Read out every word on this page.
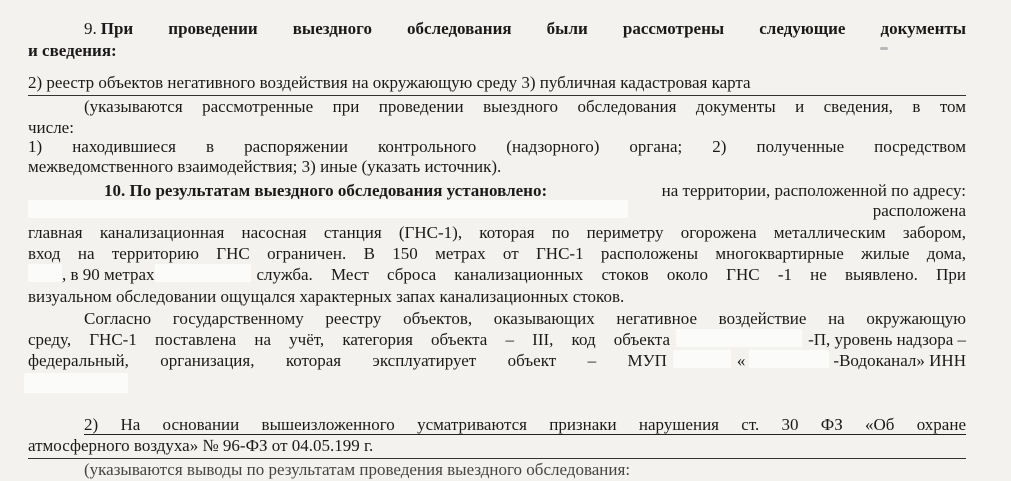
9. При проведении выездного обследования были рассмотрены следующие документы
и сведения:
2) реестр объектов негативного воздействия на окружающую среду 3) публичная кадастровая карта
(указываются рассмотренные при проведении выездного обследования документы и сведения, в том
числе:
1) находившиеся в распоряжении контрольного (надзорного) органа; 2) полученные посредством
межведомственного взаимодействия; 3) иные (указать источник).
10. По результатам выездного обследования установлено:	на территории, расположенной по адресу:
расположена
главная канализационная насосная станция (ГНС-1), которая по периметру огорожена металлическим забором,
вход на территорию ГНС ограничен. В 150 метрах от ГНС-1 расположены многоквартирные жилые дома,
, в 90 метрах	служба. Мест сброса канализационных стоков около ГНС -1 не выявлено. При
визуальном обследовании ощущался характерных запах канализационных стоков.
Согласно государственному реестру объектов, оказывающих негативное воздействие на окружающую
среду, ГНС-1 поставлена на учёт, категория объекта – III, код объекта	-П, уровень надзора –
федеральный, организация, которая эксплуатирует объект – МУП	«	-Водоканал» ИНН
2) На основании вышеизложенного усматриваются признаки нарушения ст. 30 ФЗ «Об охране
атмосферного воздуха» № 96-ФЗ от 04.05.199 г.
(указываются выводы по результатам проведения выездного обследования:
